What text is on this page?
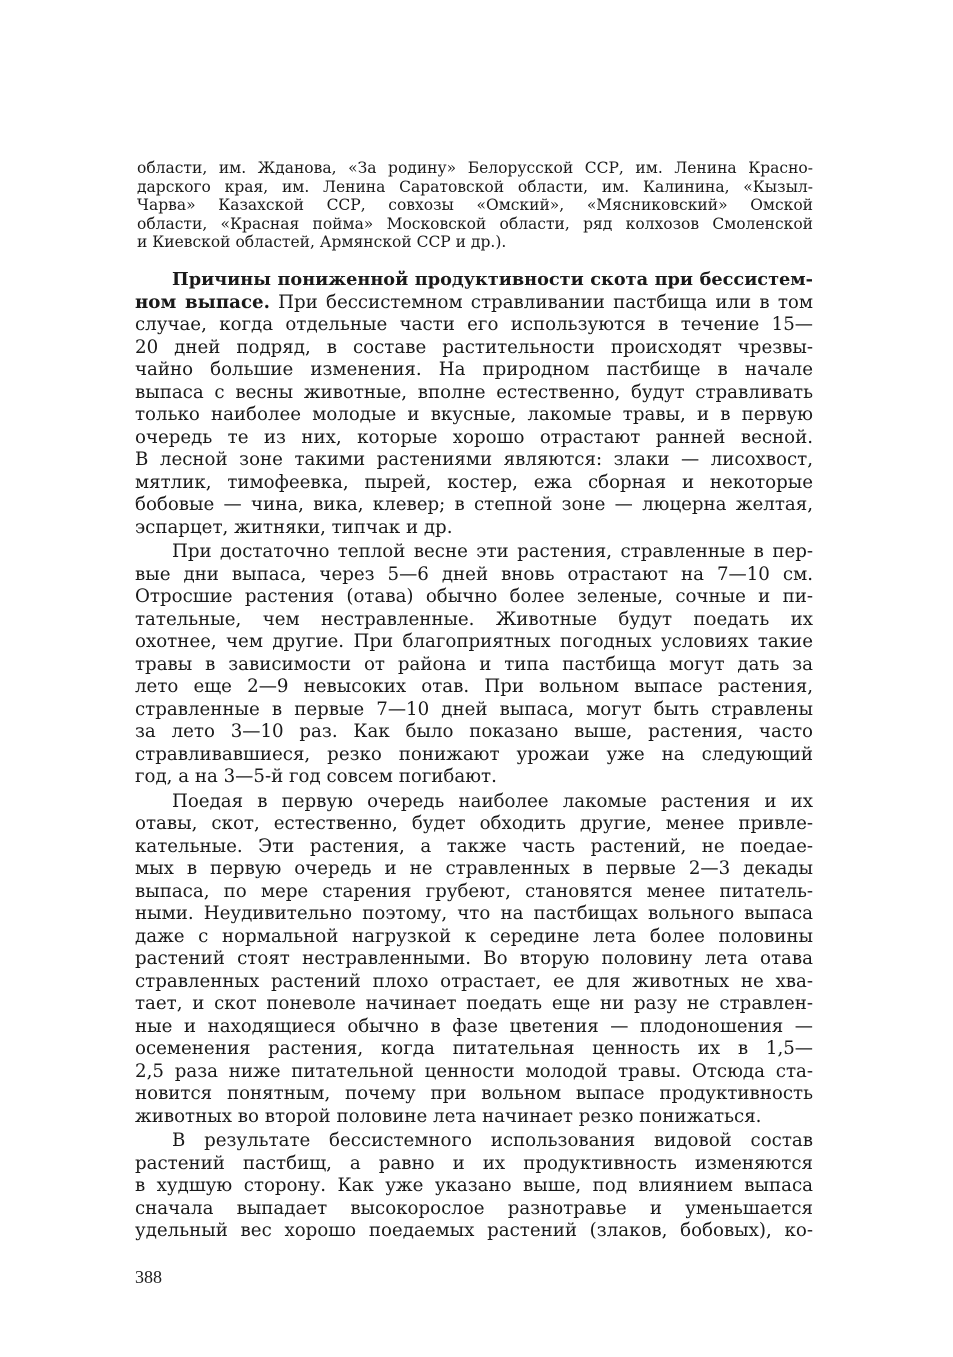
области, им. Жданова, «За родину» Белорусской ССР, им. Ленина Красно-
дарского края, им. Ленина Саратовской области, им. Калинина, «Кызыл-
Чарва» Казахской ССР, совхозы «Омский», «Мясниковский» Омской
области, «Красная пойма» Московской области, ряд колхозов Смоленской
и Киевской областей, Армянской ССР и др.).
Причины пониженной продуктивности скота при бессистем-
ном выпасе. При бессистемном стравливании пастбища или в том
случае, когда отдельные части его используются в течение 15—
20 дней подряд, в составе растительности происходят чрезвы-
чайно большие изменения. На природном пастбище в начале
выпаса с весны животные, вполне естественно, будут стравливать
только наиболее молодые и вкусные, лакомые травы, и в первую
очередь те из них, которые хорошо отрастают ранней весной.
В лесной зоне такими растениями являются: злаки — лисохвост,
мятлик, тимофеевка, пырей, костер, ежа сборная и некоторые
бобовые — чина, вика, клевер; в степной зоне — люцерна желтая,
эспарцет, житняки, типчак и др.
При достаточно теплой весне эти растения, стравленные в пер-
вые дни выпаса, через 5—6 дней вновь отрастают на 7—10 см.
Отросшие растения (отава) обычно более зеленые, сочные и пи-
тательные, чем нестравленные. Животные будут поедать их
охотнее, чем другие. При благоприятных погодных условиях такие
травы в зависимости от района и типа пастбища могут дать за
лето еще 2—9 невысоких отав. При вольном выпасе растения,
стравленные в первые 7—10 дней выпаса, могут быть стравлены
за лето 3—10 раз. Как было показано выше, растения, часто
стравливавшиеся, резко понижают урожаи уже на следующий
год, а на 3—5-й год совсем погибают.
Поедая в первую очередь наиболее лакомые растения и их
отавы, скот, естественно, будет обходить другие, менее привле-
кательные. Эти растения, а также часть растений, не поедае-
мых в первую очередь и не стравленных в первые 2—3 декады
выпаса, по мере старения грубеют, становятся менее питатель-
ными. Неудивительно поэтому, что на пастбищах вольного выпаса
даже с нормальной нагрузкой к середине лета более половины
растений стоят нестравленными. Во вторую половину лета отава
стравленных растений плохо отрастает, ее для животных не хва-
тает, и скот поневоле начинает поедать еще ни разу не стравлен-
ные и находящиеся обычно в фазе цветения — плодоношения —
осеменения растения, когда питательная ценность их в 1,5—
2,5 раза ниже питательной ценности молодой травы. Отсюда ста-
новится понятным, почему при вольном выпасе продуктивность
животных во второй половине лета начинает резко понижаться.
В результате бессистемного использования видовой состав
растений пастбищ, а равно и их продуктивность изменяются
в худшую сторону. Как уже указано выше, под влиянием выпаса
сначала выпадает высокорослое разнотравье и уменьшается
удельный вес хорошо поедаемых растений (злаков, бобовых), ко-
388
